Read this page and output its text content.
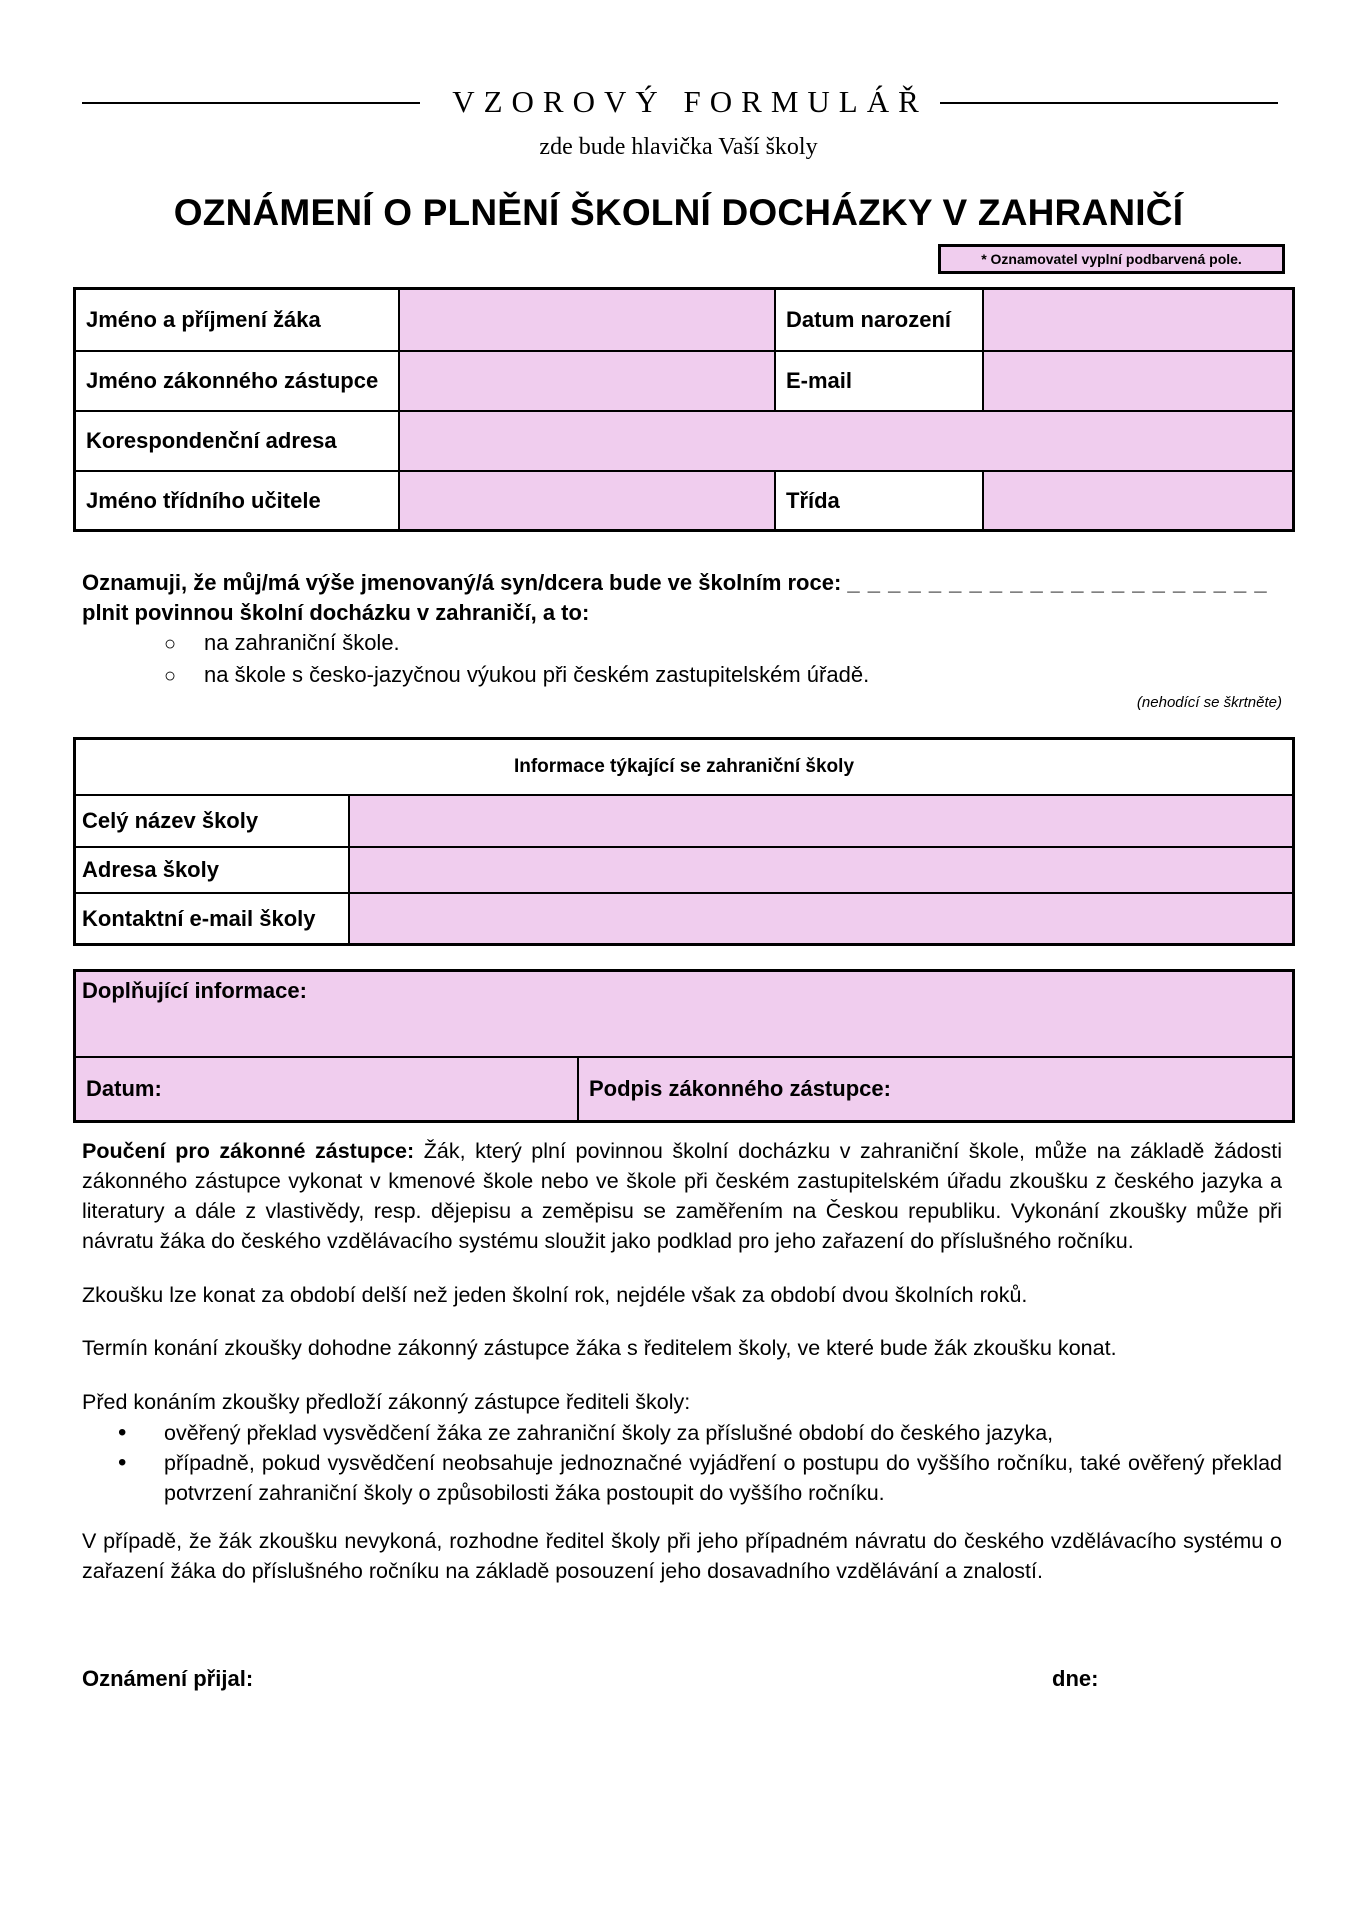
VZOROVÝ FORMULÁŘ
zde bude hlavička Vaší školy
OZNÁMENÍ O PLNĚNÍ ŠKOLNÍ DOCHÁZKY V ZAHRANIČÍ
* Oznamovatel vyplní podbarvená pole.
Jméno a příjmení žáka	Datum narození
Jméno zákonného zástupce	E-mail
Korespondenční adresa
Jméno třídního učitele	Třída
Oznamuji, že můj/má výše jmenovaný/á syn/dcera bude ve školním roce: _ _ _ _ _ _ _ _ _ _ _ _ _ _ _ _ _ _ _ _ _ plnit povinnou školní docházku v zahraničí, a to:
○ na zahraniční škole.
○ na škole s česko-jazyčnou výukou při českém zastupitelském úřadě.
(nehodící se škrtněte)
Informace týkající se zahraniční školy
Celý název školy
Adresa školy
Kontaktní e-mail školy
Doplňující informace:
Datum:	Podpis zákonného zástupce:
Poučení pro zákonné zástupce: Žák, který plní povinnou školní docházku v zahraniční škole, může na základě žádosti zákonného zástupce vykonat v kmenové škole nebo ve škole při českém zastupitelském úřadu zkoušku z českého jazyka a literatury a dále z vlastivědy, resp. dějepisu a zeměpisu se zaměřením na Českou republiku. Vykonání zkoušky může při návratu žáka do českého vzdělávacího systému sloužit jako podklad pro jeho zařazení do příslušného ročníku.
Zkoušku lze konat za období delší než jeden školní rok, nejdéle však za období dvou školních roků.
Termín konání zkoušky dohodne zákonný zástupce žáka s ředitelem školy, ve které bude žák zkoušku konat.
Před konáním zkoušky předloží zákonný zástupce řediteli školy:
• ověřený překlad vysvědčení žáka ze zahraniční školy za příslušné období do českého jazyka,
• případně, pokud vysvědčení neobsahuje jednoznačné vyjádření o postupu do vyššího ročníku, také ověřený překlad potvrzení zahraniční školy o způsobilosti žáka postoupit do vyššího ročníku.
V případě, že žák zkoušku nevykoná, rozhodne ředitel školy při jeho případném návratu do českého vzdělávacího systému o zařazení žáka do příslušného ročníku na základě posouzení jeho dosavadního vzdělávání a znalostí.
Oznámení přijal:	dne:
